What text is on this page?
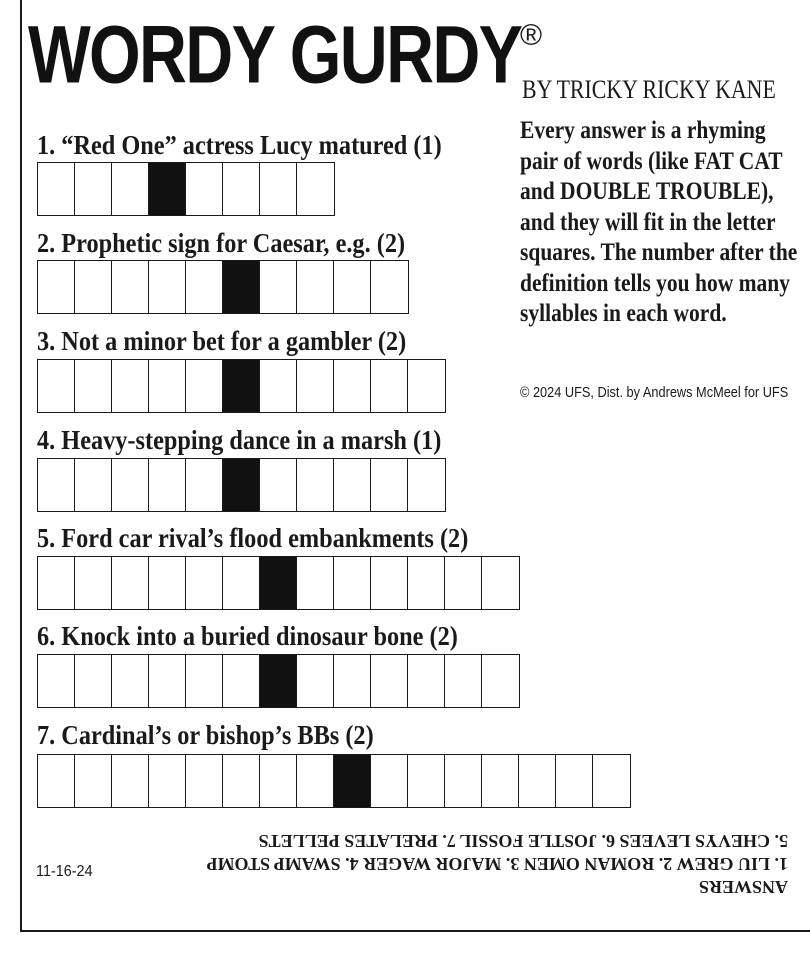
WORDY GURDY
®
BY TRICKY RICKY KANE
Every answer is a rhyming pair of words (like FAT CAT and DOUBLE TROUBLE), and they will fit in the letter squares. The number after the definition tells you how many syllables in each word.
© 2024 UFS, Dist. by Andrews McMeel for UFS
1. “Red One” actress Lucy matured (1)
2. Prophetic sign for Caesar, e.g. (2)
3. Not a minor bet for a gambler (2)
4. Heavy-stepping dance in a marsh (1)
5. Ford car rival’s flood embankments (2)
6. Knock into a buried dinosaur bone (2)
7. Cardinal’s or bishop’s BBs (2)
ANSWERS
1. LIU GREW 2. ROMAN OMEN 3. MAJOR WAGER 4. SWAMP STOMP
5. CHEVYS LEVEES 6. JOSTLE FOSSIL 7. PRELATES PELLETS
11-16-24
